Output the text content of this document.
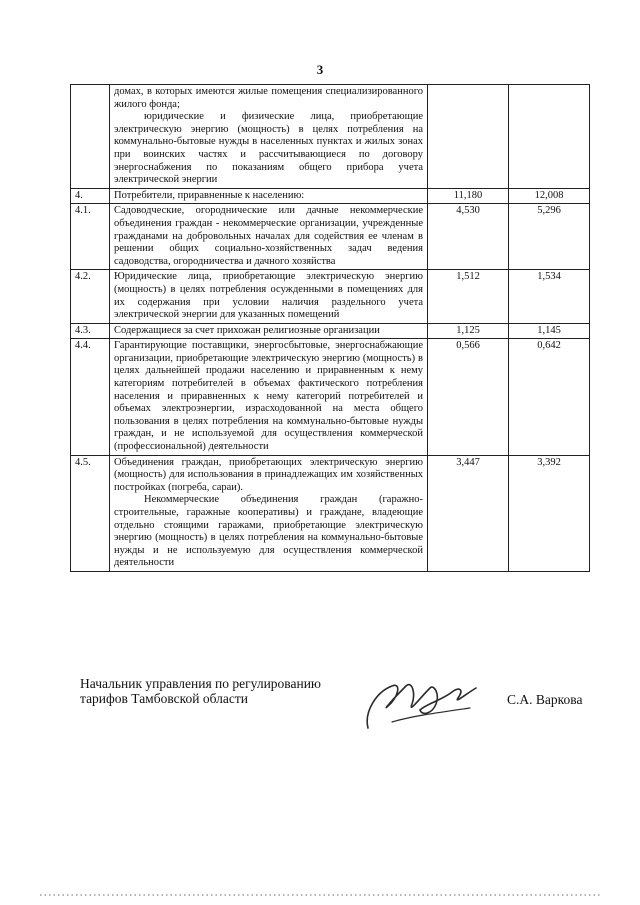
3

	домах, в которых имеются жилые помещения специализированного жилого фонда;
юридические и физические лица, приобретающие электрическую энергию (мощность) в целях потребления на коммунально-бытовые нужды в населенных пунктах и жилых зонах при воинских частях и рассчитывающиеся по договору энергоснабжения по показаниям общего прибора учета электрической энергии		

4.	Потребители, приравненные к населению:	11,180	12,008
4.1.	Садоводческие, огороднические или дачные некоммерческие объединения граждан - некоммерческие организации, учрежденные гражданами на добровольных началах для содействия ее членам в решении общих социально-хозяйственных задач ведения садоводства, огородничества и дачного хозяйства	4,530	5,296
4.2.	Юридические лица, приобретающие электрическую энергию (мощность) в целях потребления осужденными в помещениях для их содержания при условии наличия раздельного учета электрической энергии для указанных помещений	1,512	1,534
4.3.	Содержащиеся за счет прихожан религиозные организации	1,125	1,145
4.4.	Гарантирующие поставщики, энергосбытовые, энергоснабжающие организации, приобретающие электрическую энергию (мощность) в целях дальнейшей продажи населению и приравненным к нему категориям потребителей в объемах фактического потребления населения и приравненных к нему категорий потребителей и объемах электроэнергии, израсходованной на места общего пользования в целях потребления на коммунально-бытовые нужды граждан, и не используемой для осуществления коммерческой (профессиональной) деятельности	0,566	0,642
4.5.	Объединения граждан, приобретающих электрическую энергию (мощность) для использования в принадлежащих им хозяйственных постройках (погреба, сараи).
Некоммерческие объединения граждан (гаражно-строительные, гаражные кооперативы) и граждане, владеющие отдельно стоящими гаражами, приобретающие электрическую энергию (мощность) в целях потребления на коммунально-бытовые нужды и не используемую для осуществления коммерческой деятельности	3,447	3,392
Начальник управления по регулированию
тарифов Тамбовской области	С.А. Варкова
